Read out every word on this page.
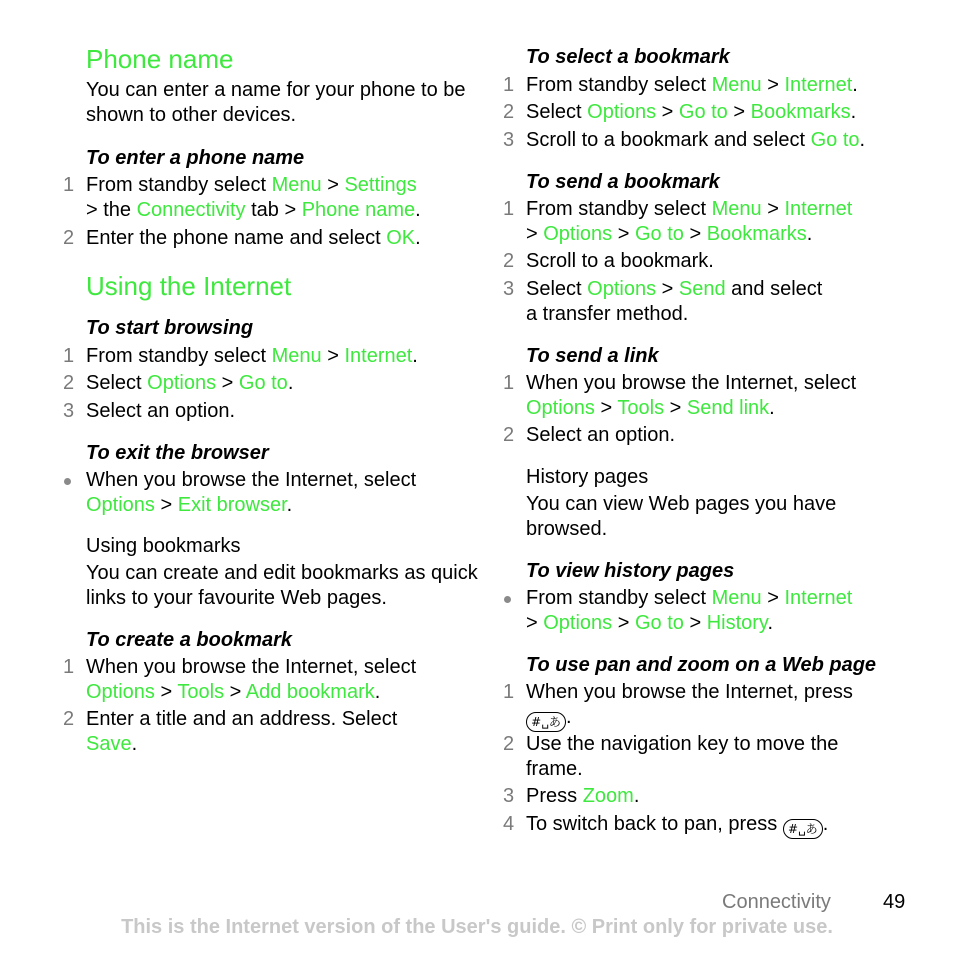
Phone name

You can enter a name for your phone to be shown to other devices.

To enter a phone name
1 From standby select Menu > Settings
> the Connectivity tab > Phone name.
2 Enter the phone name and select OK.
Using the Internet
To start browsing
1 From standby select Menu > Internet.
2 Select Options > Go to.
3 Select an option.
To exit the browser
When you browse the Internet, select
Options > Exit browser.
Using bookmarks

You can create and edit bookmarks as quick links to your favourite Web pages.

To create a bookmark
1 When you browse the Internet, select
Options > Tools > Add bookmark.
2 Enter a title and an address. Select
Save.
To select a bookmark
1 From standby select Menu > Internet.
2 Select Options > Go to > Bookmarks.
3 Scroll to a bookmark and select Go to.
To send a bookmark
1 From standby select Menu > Internet
> Options > Go to > Bookmarks.
2 Scroll to a bookmark.
3 Select Options > Send and select
a transfer method.
To send a link
1 When you browse the Internet, select
Options > Tools > Send link.
2 Select an option.
History pages

You can view Web pages you have browsed.

To view history pages
From standby select Menu > Internet
> Options > Go to > History.
To use pan and zoom on a Web page
1 When you browse the Internet, press
#␣あ .
2 Use the navigation key to move the
frame.
3 Press Zoom.
4 To switch back to pan, press #␣あ .
Connectivity	49
This is the Internet version of the User's guide. © Print only for private use.
